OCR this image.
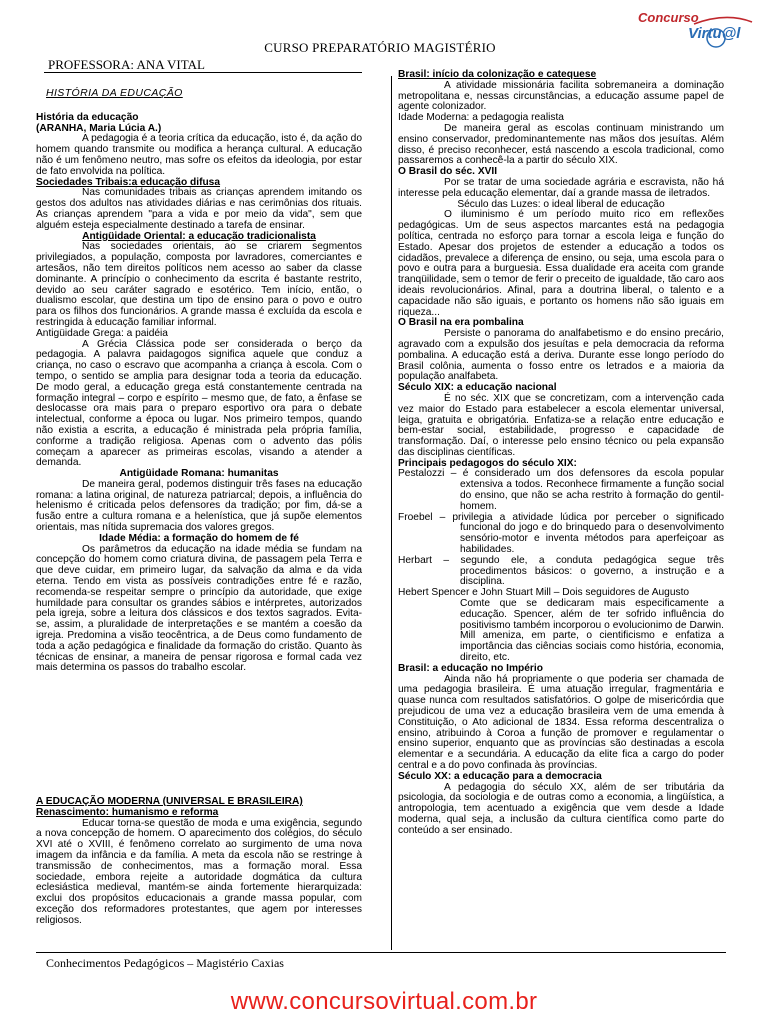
Concurso
Virtu@l
CURSO PREPARATÓRIO MAGISTÉRIO
PROFESSORA: ANA VITAL

HISTÓRIA DA EDUCAÇÃO

História da educação

(ARANHA, Maria Lúcia A.)

A pedagogia é a teoria crítica da educação, isto é, da ação do homem quando transmite ou modifica a herança cultural. A educação não é um fenômeno neutro, mas sofre os efeitos da ideologia, por estar de fato envolvida na política.

Sociedades Tribais:a educação difusa

Nas comunidades tribais as crianças aprendem imitando os gestos dos adultos nas atividades diárias e nas cerimônias dos rituais. As crianças aprendem "para a vida e por meio da vida", sem que alguém esteja especialmente destinado a tarefa de ensinar.

Antigüidade Oriental: a educação tradicionalista

Nas sociedades orientais, ao se criarem segmentos privilegiados, a população, composta por lavradores, comerciantes e artesãos, não tem direitos políticos nem acesso ao saber da classe dominante. A princípio o conhecimento da escrita é bastante restrito, devido ao seu caráter sagrado e esotérico. Tem início, então, o dualismo escolar, que destina um tipo de ensino para o povo e outro para os filhos dos funcionários. A grande massa é excluída da escola e restringida à educação familiar informal.

Antigüidade Grega: a paidéia

A Grécia Clássica pode ser considerada o berço da pedagogia. A palavra paidagogos significa aquele que conduz a criança, no caso o escravo que acompanha a criança à escola. Com o tempo, o sentido se amplia para designar toda a teoria da educação. De modo geral, a educação grega está constantemente centrada na formação integral – corpo e espírito – mesmo que, de fato, a ênfase se deslocasse ora mais para o preparo esportivo ora para o debate intelectual, conforme a época ou lugar. Nos primeiro tempos, quando não existia a escrita, a educação é ministrada pela própria família, conforme a tradição religiosa. Apenas com o advento das pólis começam a aparecer as primeiras escolas, visando a atender a demanda.

Antigüidade Romana: humanitas

De maneira geral, podemos distinguir três fases na educação romana: a latina original, de natureza patriarcal; depois, a influência do helenismo é criticada pelos defensores da tradição; por fim, dá-se a fusão entre a cultura romana e a helenística, que já supõe elementos orientais, mas nítida supremacia dos valores gregos.

Idade Média: a formação do homem de fé

Os parâmetros da educação na idade média se fundam na concepção do homem como criatura divina, de passagem pela Terra e que deve cuidar, em primeiro lugar, da salvação da alma e da vida eterna. Tendo em vista as possíveis contradições entre fé e razão, recomenda-se respeitar sempre o princípio da autoridade, que exige humildade para consultar os grandes sábios e intérpretes, autorizados pela igreja, sobre a leitura dos clássicos e dos textos sagrados. Evita-se, assim, a pluralidade de interpretações e se mantém a coesão da igreja. Predomina a visão teocêntrica, a de Deus como fundamento de toda a ação pedagógica e finalidade da formação do cristão. Quanto às técnicas de ensinar, a maneira de pensar rigorosa e formal cada vez mais determina os passos do trabalho escolar.

A EDUCAÇÃO MODERNA (UNIVERSAL E BRASILEIRA)

Renascimento: humanismo e reforma

Educar torna-se questão de moda e uma exigência, segundo a nova concepção de homem. O aparecimento dos colégios, do século XVI até o XVIII, é fenômeno correlato ao surgimento de uma nova imagem da infância e da família. A meta da escola não se restringe à transmissão de conhecimentos, mas a formação moral. Essa sociedade, embora rejeite a autoridade dogmática da cultura eclesiástica medieval, mantém-se ainda fortemente hierarquizada: exclui dos propósitos educacionais a grande massa popular, com exceção dos reformadores protestantes, que agem por interesses religiosos.

Brasil: início da colonização e catequese

A atividade missionária facilita sobremaneira a dominação metropolitana e, nessas circunstâncias, a educação assume papel de agente colonizador.

Idade Moderna: a pedagogia realista

De maneira geral as escolas continuam ministrando um ensino conservador, predominantemente nas mãos dos jesuítas. Além disso, é preciso reconhecer, está nascendo a escola tradicional, como passaremos a conhecê-la a partir do século XIX.

O Brasil do séc. XVII

Por se tratar de uma sociedade agrária e escravista, não há interesse pela educação elementar, daí a grande massa de iletrados.

Século das Luzes: o ideal liberal de educação

O iluminismo é um período muito rico em reflexões pedagógicas. Um de seus aspectos marcantes está na pedagogia política, centrada no esforço para tornar a escola leiga e função do Estado. Apesar dos projetos de estender a educação a todos os cidadãos, prevalece a diferença de ensino, ou seja, uma escola para o povo e outra para a burguesia. Essa dualidade era aceita com grande tranqüilidade, sem o temor de ferir o preceito de igualdade, tão caro aos ideais revolucionários. Afinal, para a doutrina liberal, o talento e a capacidade não são iguais, e portanto os homens não são iguais em riqueza...

O Brasil na era pombalina

Persiste o panorama do analfabetismo e do ensino precário, agravado com a expulsão dos jesuítas e pela democracia da reforma pombalina. A educação está a deriva. Durante esse longo período do Brasil colônia, aumenta o fosso entre os letrados e a maioria da população analfabeta.

Século XIX: a educação nacional

É no séc. XIX que se concretizam, com a intervenção cada vez maior do Estado para estabelecer a escola elementar universal, leiga, gratuita e obrigatória. Enfatiza-se a relação entre educação e bem-estar social, estabilidade, progresso e capacidade de transformação. Daí, o interesse pelo ensino técnico ou pela expansão das disciplinas científicas.

Principais pedagogos do século XIX:

Pestalozzi – é considerado um dos defensores da escola popular extensiva a todos. Reconhece firmamente a função social do ensino, que não se acha restrito à formação do gentil-homem.

Froebel – privilegia a atividade lúdica por perceber o significado funcional do jogo e do brinquedo para o desenvolvimento sensório-motor e inventa métodos para aperfeiçoar as habilidades.

Herbart – segundo ele, a conduta pedagógica segue três procedimentos básicos: o governo, a instrução e a disciplina.

Hebert Spencer e John Stuart Mill – Dois seguidores de Augusto

Comte que se dedicaram mais especificamente a educação. Spencer, além de ter sofrido influência do positivismo também incorporou o evolucionimo de Darwin. Mill ameniza, em parte, o cientificismo e enfatiza a importância das ciências sociais como história, economia, direito, etc.

Brasil: a educação no Império

Ainda não há propriamente o que poderia ser chamada de uma pedagogia brasileira. É uma atuação irregular, fragmentária e quase nunca com resultados satisfatórios. O golpe de misericórdia que prejudicou de uma vez a educação brasileira vem de uma emenda à Constituição, o Ato adicional de 1834. Essa reforma descentraliza o ensino, atribuindo à Coroa a função de promover e regulamentar o ensino superior, enquanto que as províncias são destinadas a escola elementar e a secundária. A educação da elite fica a cargo do poder central e a do povo confinada às províncias.

Século XX: a educação para a democracia

A pedagogia do século XX, além de ser tributária da psicologia, da sociologia e de outras como a economia, a lingüística, a antropologia, tem acentuado a exigência que vem desde a Idade moderna, qual seja, a inclusão da cultura científica como parte do conteúdo a ser ensinado.

Conhecimentos Pedagógicos – Magistério Caxias
www.concursovirtual.com.br
